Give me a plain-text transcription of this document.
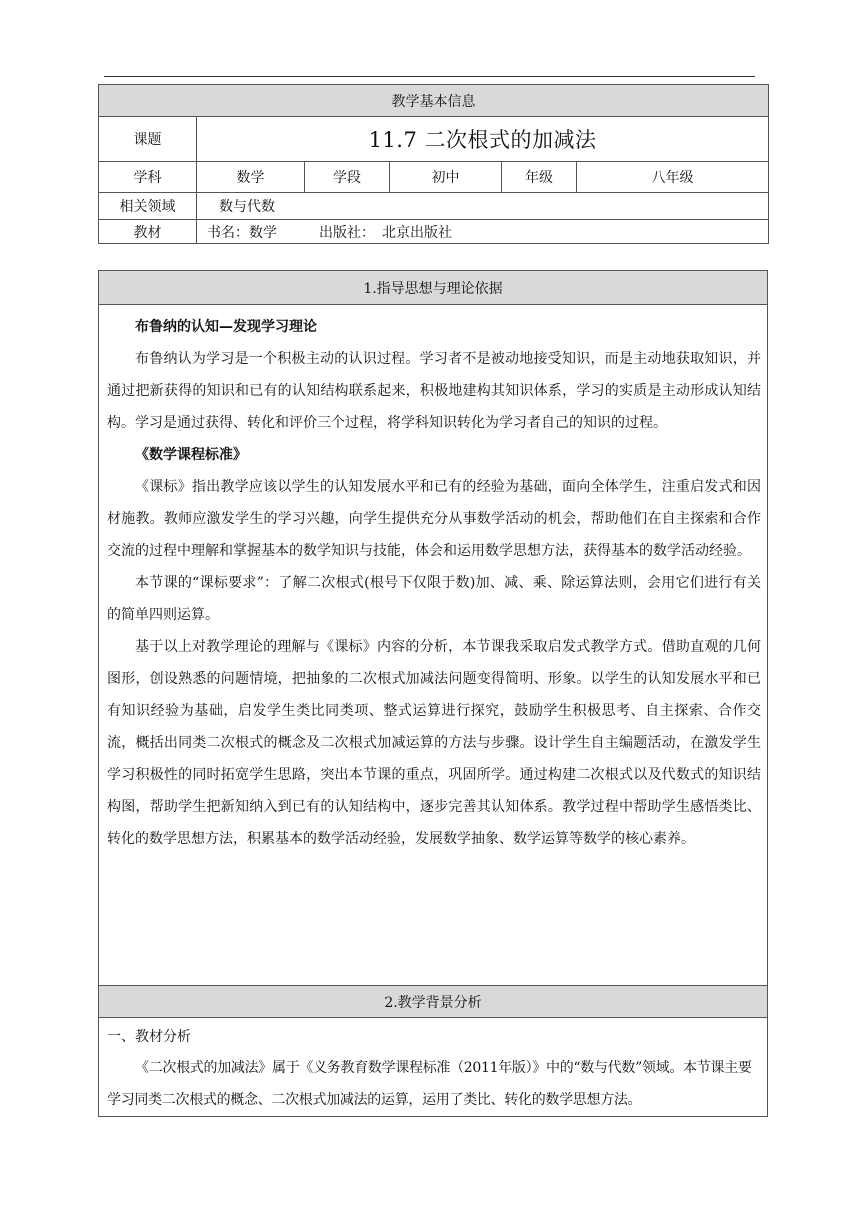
教学基本信息					
课题	11.7 二次根式的加减法				
学科	数学	学段	初中	年级	八年级
相关领域	数与代数				
教材	书名：数学　　　出版社：　北京出版社				
1.指导思想与理论依据

布鲁纳的认知—发现学习理论

布鲁纳认为学习是一个积极主动的认识过程。学习者不是被动地接受知识，而是主动地获取知识，并通过把新获得的知识和已有的认知结构联系起来，积极地建构其知识体系，学习的实质是主动形成认知结构。学习是通过获得、转化和评价三个过程，将学科知识转化为学习者自己的知识的过程。

《数学课程标准》

《课标》指出教学应该以学生的认知发展水平和已有的经验为基础，面向全体学生，注重启发式和因材施教。教师应激发学生的学习兴趣，向学生提供充分从事数学活动的机会，帮助他们在自主探索和合作交流的过程中理解和掌握基本的数学知识与技能，体会和运用数学思想方法，获得基本的数学活动经验。

本节课的“课标要求”：了解二次根式(根号下仅限于数)加、减、乘、除运算法则，会用它们进行有关的简单四则运算。

基于以上对教学理论的理解与《课标》内容的分析，本节课我采取启发式教学方式。借助直观的几何图形，创设熟悉的问题情境，把抽象的二次根式加减法问题变得简明、形象。以学生的认知发展水平和已有知识经验为基础，启发学生类比同类项、整式运算进行探究，鼓励学生积极思考、自主探索、合作交流，概括出同类二次根式的概念及二次根式加减运算的方法与步骤。设计学生自主编题活动，在激发学生学习积极性的同时拓宽学生思路，突出本节课的重点，巩固所学。通过构建二次根式以及代数式的知识结构图，帮助学生把新知纳入到已有的认知结构中，逐步完善其认知体系。教学过程中帮助学生感悟类比、转化的数学思想方法，积累基本的数学活动经验，发展数学抽象、数学运算等数学的核心素养。

2.教学背景分析

一、教材分析

《二次根式的加减法》属于《义务教育数学课程标准（2011年版）》中的“数与代数”领域。本节课主要学习同类二次根式的概念、二次根式加减法的运算，运用了类比、转化的数学思想方法。
